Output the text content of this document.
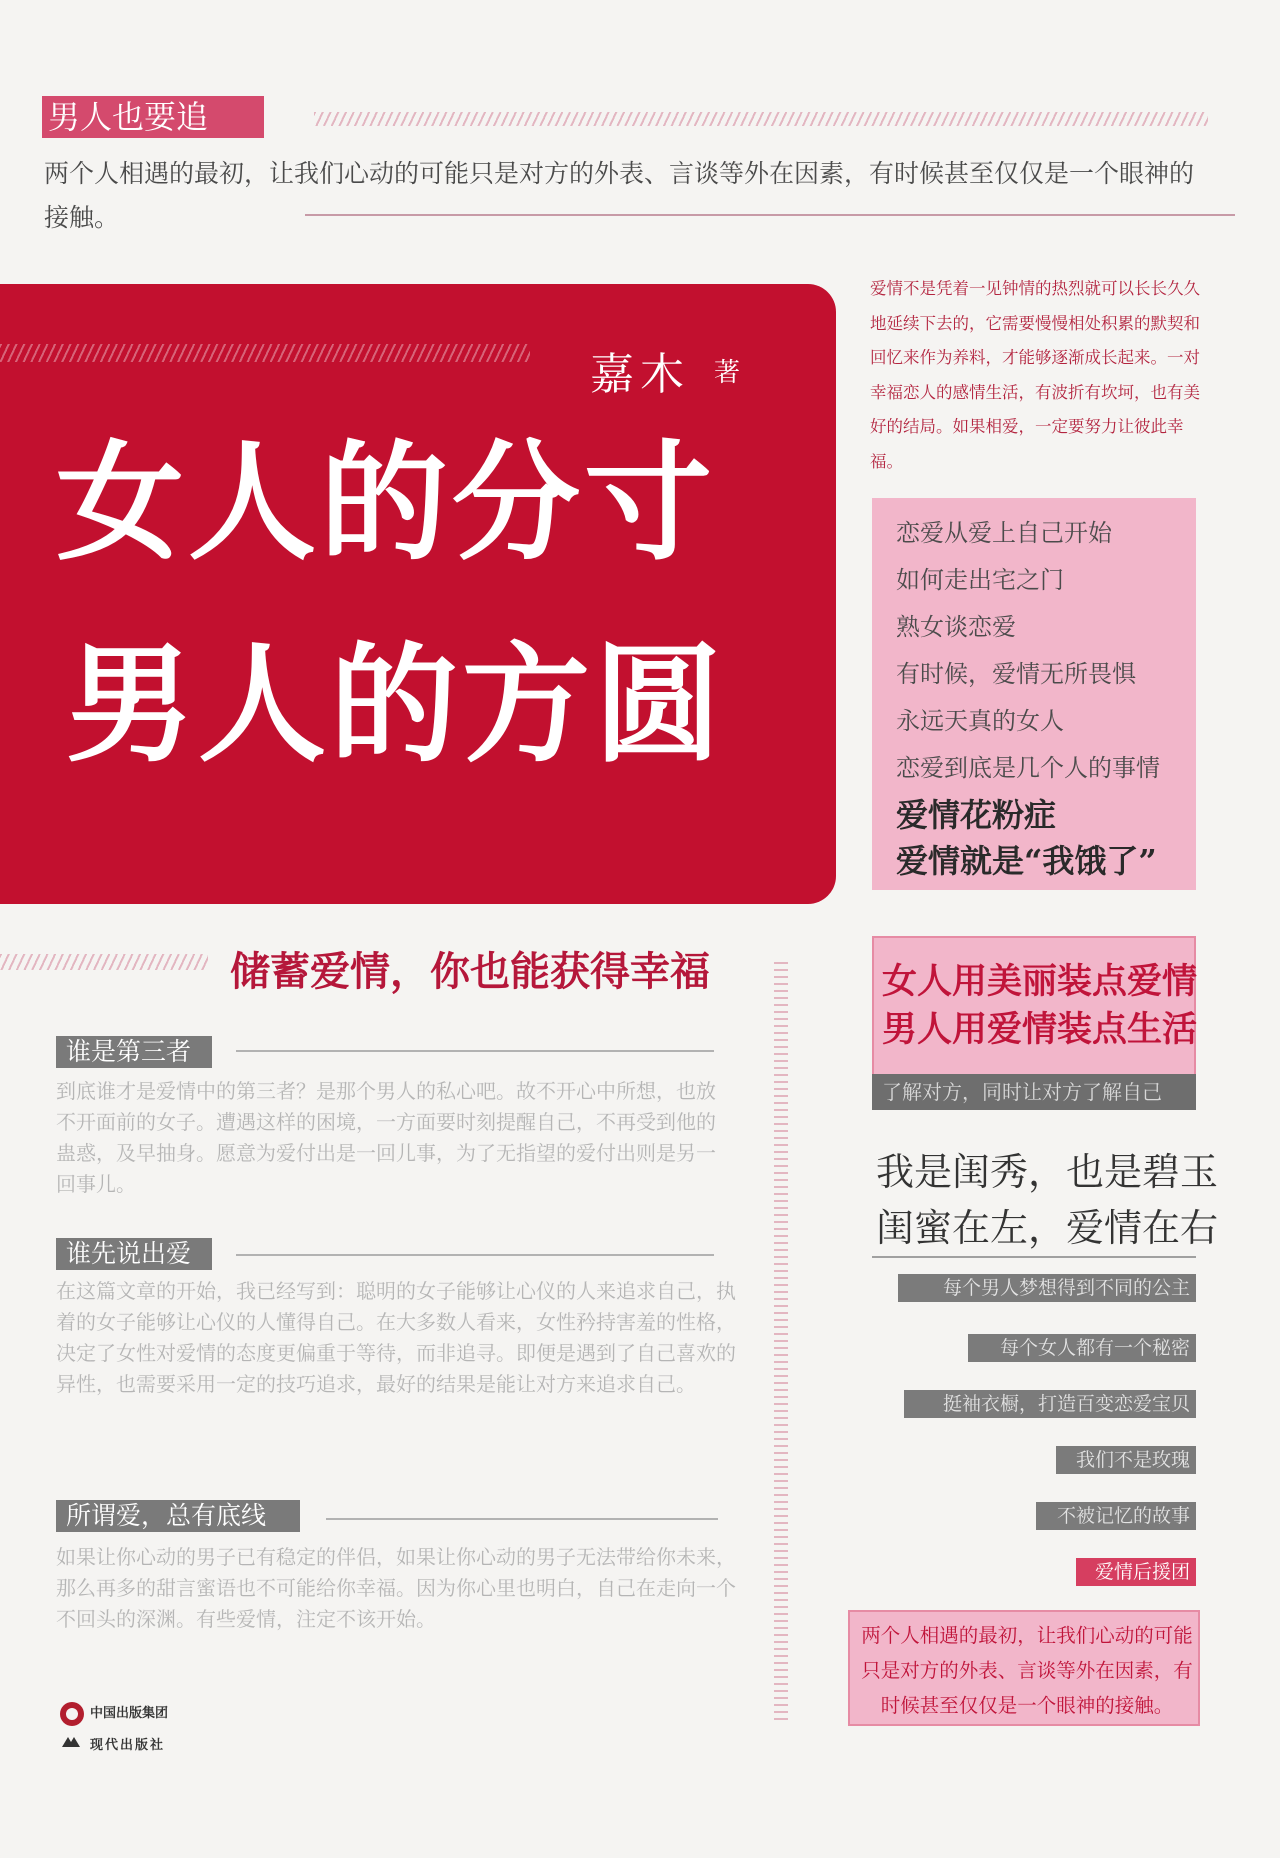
男人也要追
两个人相遇的最初，让我们心动的可能只是对方的外表、言谈等外在因素，有时候甚至仅仅是一个眼神的接触。
嘉木 著
女人的分寸
男人的方圆
爱情不是凭着一见钟情的热烈就可以长长久久地延续下去的，它需要慢慢相处积累的默契和回忆来作为养料，才能够逐渐成长起来。一对幸福恋人的感情生活，有波折有坎坷，也有美好的结局。如果相爱，一定要努力让彼此幸福。
恋爱从爱上自己开始
如何走出宅之门
熟女谈恋爱
有时候，爱情无所畏惧
永远天真的女人
恋爱到底是几个人的事情
爱情花粉症
爱情就是“我饿了”
储蓄爱情，你也能获得幸福
谁是第三者
到底谁才是爱情中的第三者？是那个男人的私心吧。故不开心中所想，也放不开面前的女子。遭遇这样的困境，一方面要时刻提醒自己，不再受到他的蛊惑，及早抽身。愿意为爱付出是一回儿事，为了无指望的爱付出则是另一回事儿。
谁先说出爱
在这篇文章的开始，我已经写到：聪明的女子能够让心仪的人来追求自己，执着的女子能够让心仪的人懂得自己。在大多数人看来，女性矜持害羞的性格，决定了女性对爱情的态度更偏重于等待，而非追寻。即便是遇到了自己喜欢的异性，也需要采用一定的技巧追求，最好的结果是能让对方来追求自己。
所谓爱，总有底线
如果让你心动的男子已有稳定的伴侣，如果让你心动的男子无法带给你未来，那么再多的甜言蜜语也不可能给你幸福。因为你心里也明白，自己在走向一个不回头的深渊。有些爱情，注定不该开始。
女人用美丽装点爱情
男人用爱情装点生活
了解对方，同时让对方了解自己
我是闺秀，也是碧玉
闺蜜在左，爱情在右
每个男人梦想得到不同的公主
每个女人都有一个秘密
挺袖衣橱，打造百变恋爱宝贝
我们不是玫瑰
不被记忆的故事
爱情后援团
两个人相遇的最初，让我们心动的可能只是对方的外表、言谈等外在因素，有时候甚至仅仅是一个眼神的接触。
中国出版集团
现代出版社
